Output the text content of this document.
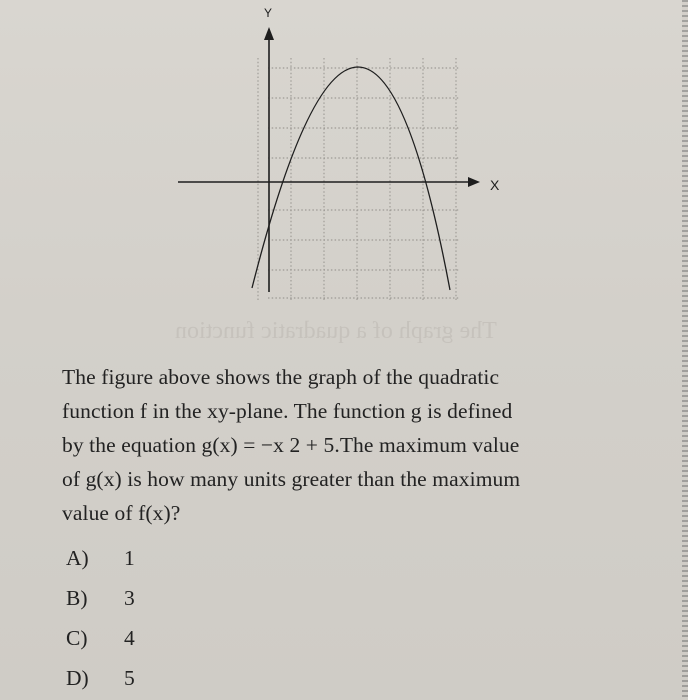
The graph of a quadratic function
X
Y
The figure above shows the graph of the quadratic
function f in the xy-plane. The function g is defined
by the equation g(x) = −x 2 + 5.The maximum value
of g(x) is how many units greater than the maximum
value of f(x)?
A)	1
B)	3
C)	4
D)	5
